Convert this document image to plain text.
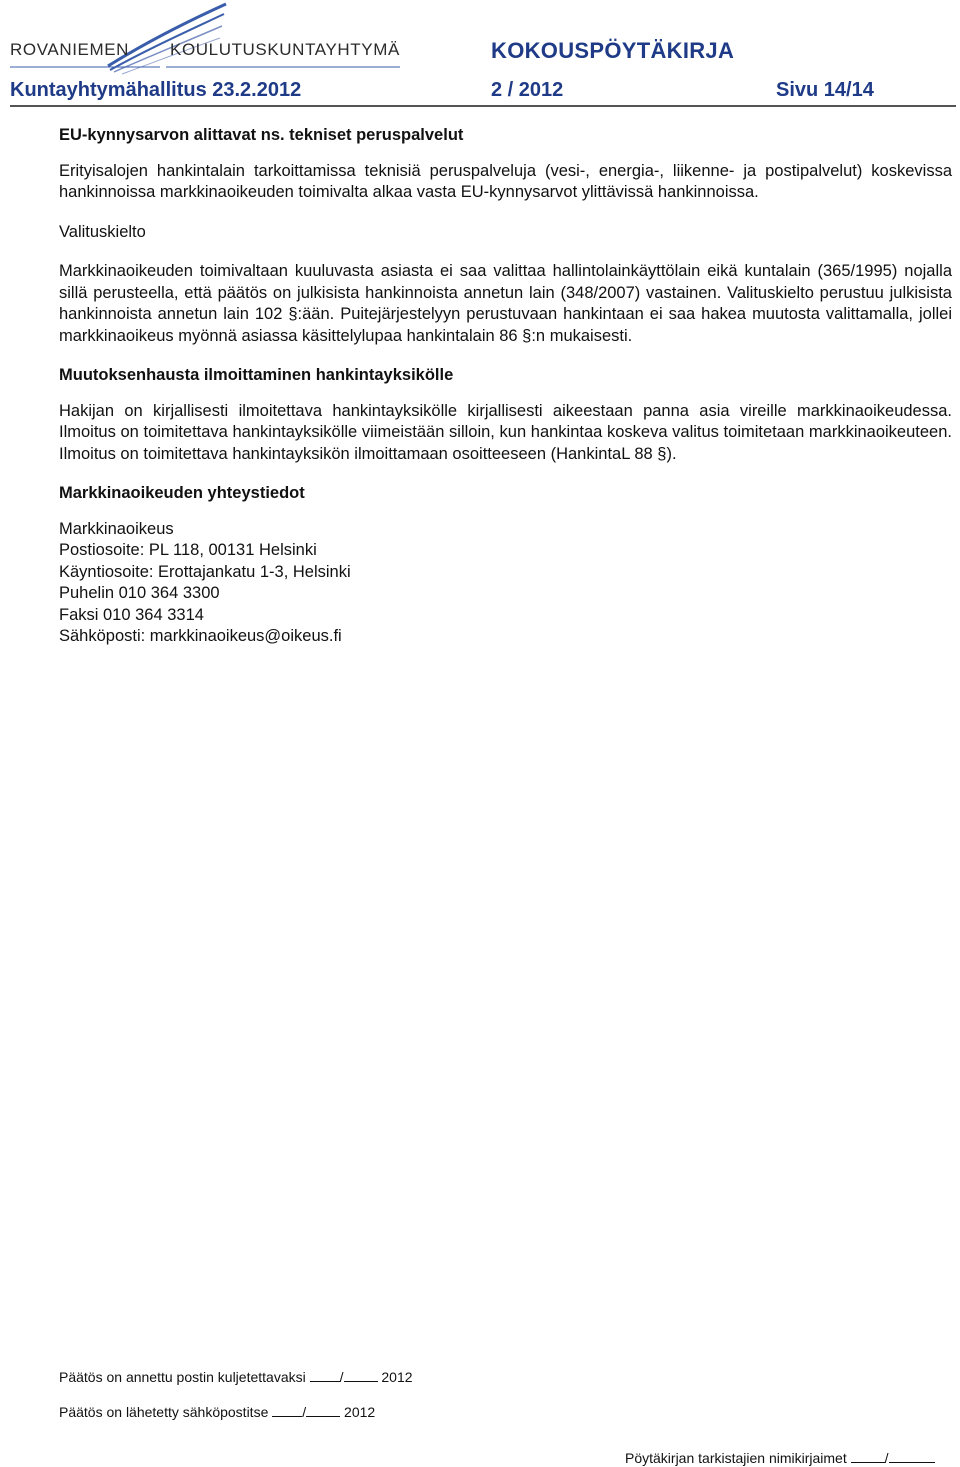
ROVANIEMEN KOULUTUSKUNTAYHTYMÄ	KOKOUSPÖYTÄKIRJA
Kuntayhtymähallitus 23.2.2012	2 / 2012	Sivu 14/14

EU-kynnysarvon alittavat ns. tekniset peruspalvelut

Erityisalojen hankintalain tarkoittamissa teknisiä peruspalveluja (vesi-, energia-, liikenne- ja postipalvelut) koskevissa hankinnoissa markkinaoikeuden toimivalta alkaa vasta EU-kynnysarvot ylittävissä hankinnoissa.

Valituskielto

Markkinaoikeuden toimivaltaan kuuluvasta asiasta ei saa valittaa hallintolainkäyttölain eikä kuntalain (365/1995) nojalla sillä perusteella, että päätös on julkisista hankinnoista annetun lain (348/2007) vastainen. Valituskielto perustuu julkisista hankinnoista annetun lain 102 §:ään. Puitejärjestelyyn perustuvaan hankintaan ei saa hakea muutosta valittamalla, jollei markkinaoikeus myönnä asiassa käsittelylupaa hankintalain 86 §:n mukaisesti.

Muutoksenhausta ilmoittaminen hankintayksikölle

Hakijan on kirjallisesti ilmoitettava hankintayksikölle kirjallisesti aikeestaan panna asia vireille markkinaoikeudessa. Ilmoitus on toimitettava hankintayksikölle viimeistään silloin, kun hankintaa koskeva valitus toimitetaan markkinaoikeuteen. Ilmoitus on toimitettava hankintayksikön ilmoittamaan osoitteeseen (HankintaL 88 §).

Markkinaoikeuden yhteystiedot

Markkinaoikeus

Postiosoite: PL 118, 00131 Helsinki

Käyntiosoite: Erottajankatu 1-3, Helsinki

Puhelin 010 364 3300

Faksi 010 364 3314

Sähköposti: markkinaoikeus@oikeus.fi

Päätös on annettu postin kuljetettavaksi /	2012
Päätös on lähetetty sähköpostitse /	2012
Pöytäkirjan tarkistajien nimikirjaimet	/
